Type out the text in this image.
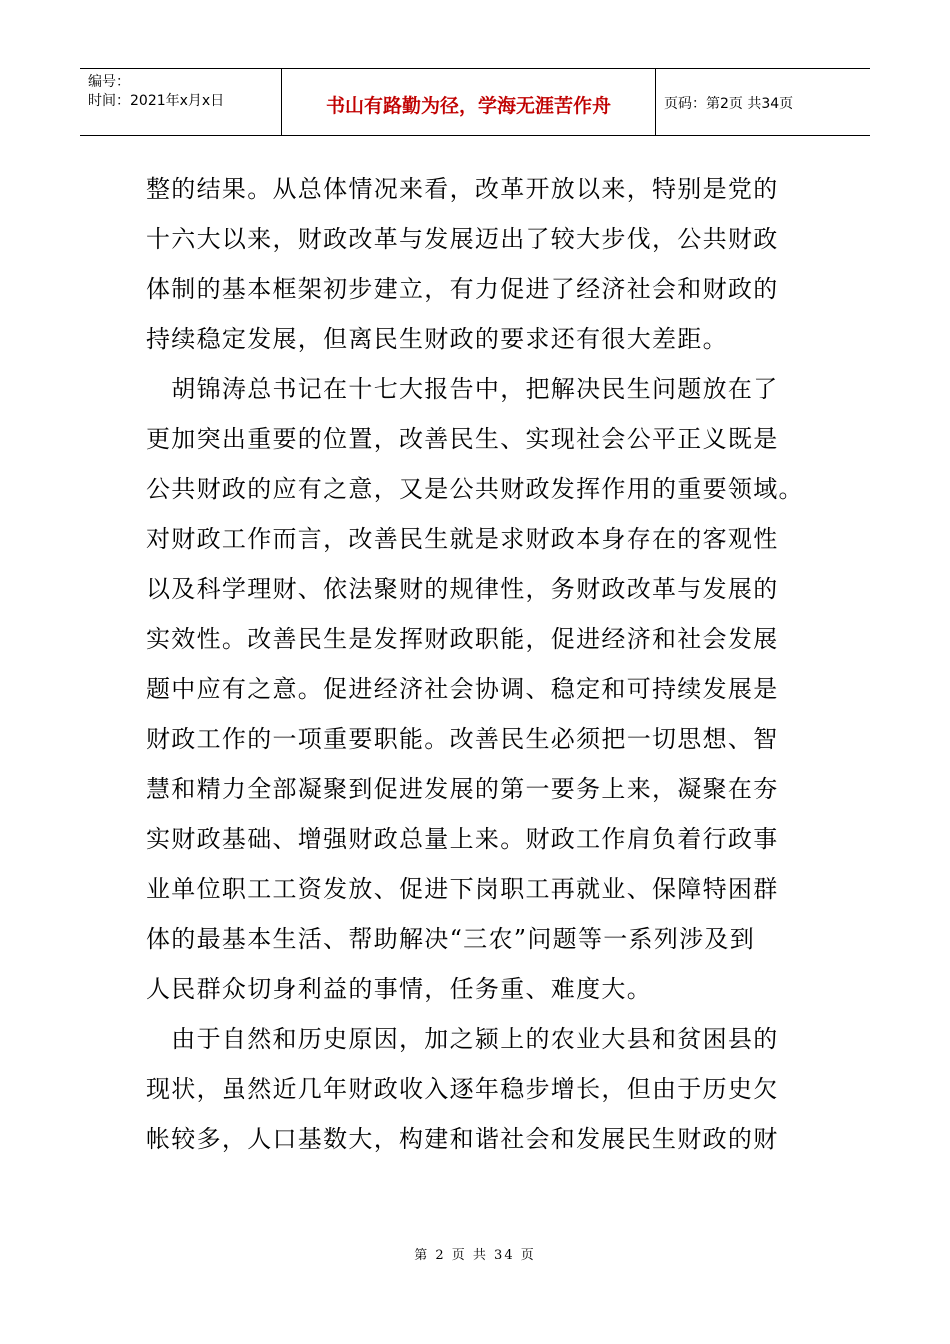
编号：
时间：2021年x月x日	书山有路勤为径，学海无涯苦作舟	页码：第2页 共34页
整的结果。从总体情况来看，改革开放以来，特别是党的
十六大以来，财政改革与发展迈出了较大步伐，公共财政
体制的基本框架初步建立，有力促进了经济社会和财政的
持续稳定发展，但离民生财政的要求还有很大差距。
　胡锦涛总书记在十七大报告中，把解决民生问题放在了
更加突出重要的位置，改善民生、实现社会公平正义既是
公共财政的应有之意，又是公共财政发挥作用的重要领域。
对财政工作而言，改善民生就是求财政本身存在的客观性
以及科学理财、依法聚财的规律性，务财政改革与发展的
实效性。改善民生是发挥财政职能，促进经济和社会发展
题中应有之意。促进经济社会协调、稳定和可持续发展是
财政工作的一项重要职能。改善民生必须把一切思想、智
慧和精力全部凝聚到促进发展的第一要务上来，凝聚在夯
实财政基础、增强财政总量上来。财政工作肩负着行政事
业单位职工工资发放、促进下岗职工再就业、保障特困群
体的最基本生活、帮助解决“三农”问题等一系列涉及到
人民群众切身利益的事情，任务重、难度大。
　由于自然和历史原因，加之颍上的农业大县和贫困县的
现状，虽然近几年财政收入逐年稳步增长，但由于历史欠
帐较多，人口基数大，构建和谐社会和发展民生财政的财
第 2 页 共 34 页
